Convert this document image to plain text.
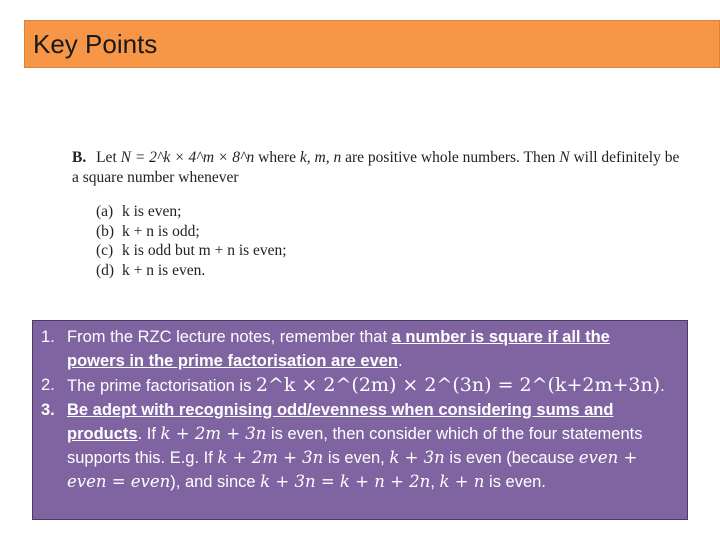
Key Points
B. Let N = 2^k × 4^m × 8^n where k, m, n are positive whole numbers. Then N will definitely be a square number whenever
(a) k is even;
(b) k + n is odd;
(c) k is odd but m + n is even;
(d) k + n is even.
1. From the RZC lecture notes, remember that a number is square if all the powers in the prime factorisation are even.
2. The prime factorisation is 2^k × 2^(2m) × 2^(3n) = 2^(k+2m+3n).
3. Be adept with recognising odd/evenness when considering sums and products. If k + 2m + 3n is even, then consider which of the four statements supports this. E.g. If k + 2m + 3n is even, k + 3n is even (because even + even = even), and since k + 3n = k + n + 2n, k + n is even.
